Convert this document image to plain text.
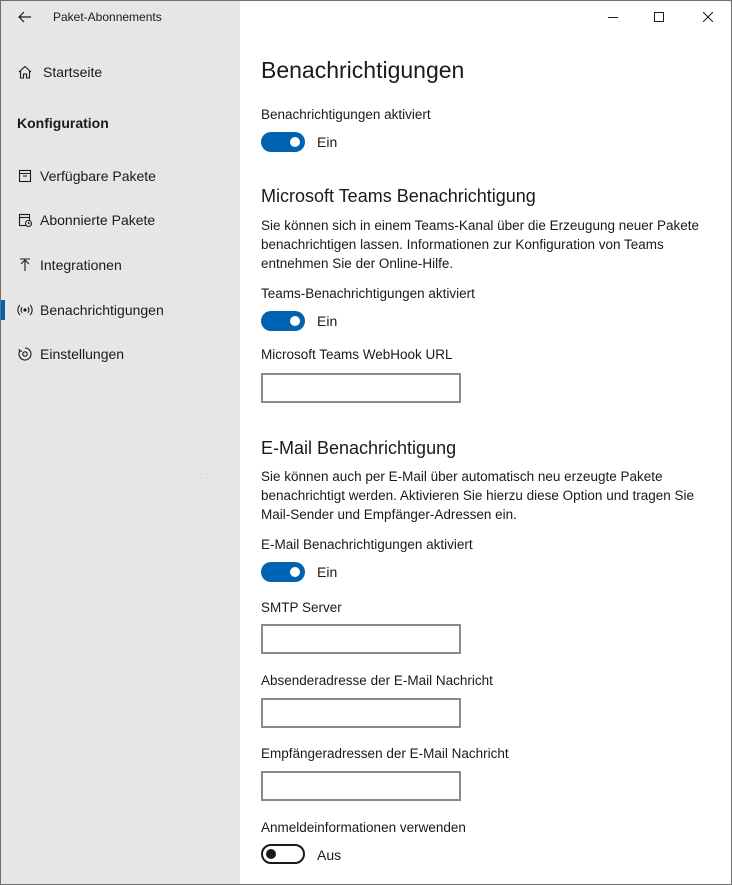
Paket-Abonnements
Startseite
Konfiguration
Verfügbare Pakete
Abonnierte Pakete
Integrationen
Benachrichtigungen
Einstellungen
: :
Benachrichtigungen
Benachrichtigungen aktiviert
Ein
Microsoft Teams Benachrichtigung
Sie können sich in einem Teams-Kanal über die Erzeugung neuer Pakete benachrichtigen lassen. Informationen zur Konfiguration von Teams entnehmen Sie der Online-Hilfe.
Teams-Benachrichtigungen aktiviert
Ein
Microsoft Teams WebHook URL
E-Mail Benachrichtigung
Sie können auch per E-Mail über automatisch neu erzeugte Pakete benachrichtigt werden. Aktivieren Sie hierzu diese Option und tragen Sie Mail-Sender und Empfänger-Adressen ein.
E-Mail Benachrichtigungen aktiviert
Ein
SMTP Server
Absenderadresse der E-Mail Nachricht
Empfängeradressen der E-Mail Nachricht
Anmeldeinformationen verwenden
Aus
